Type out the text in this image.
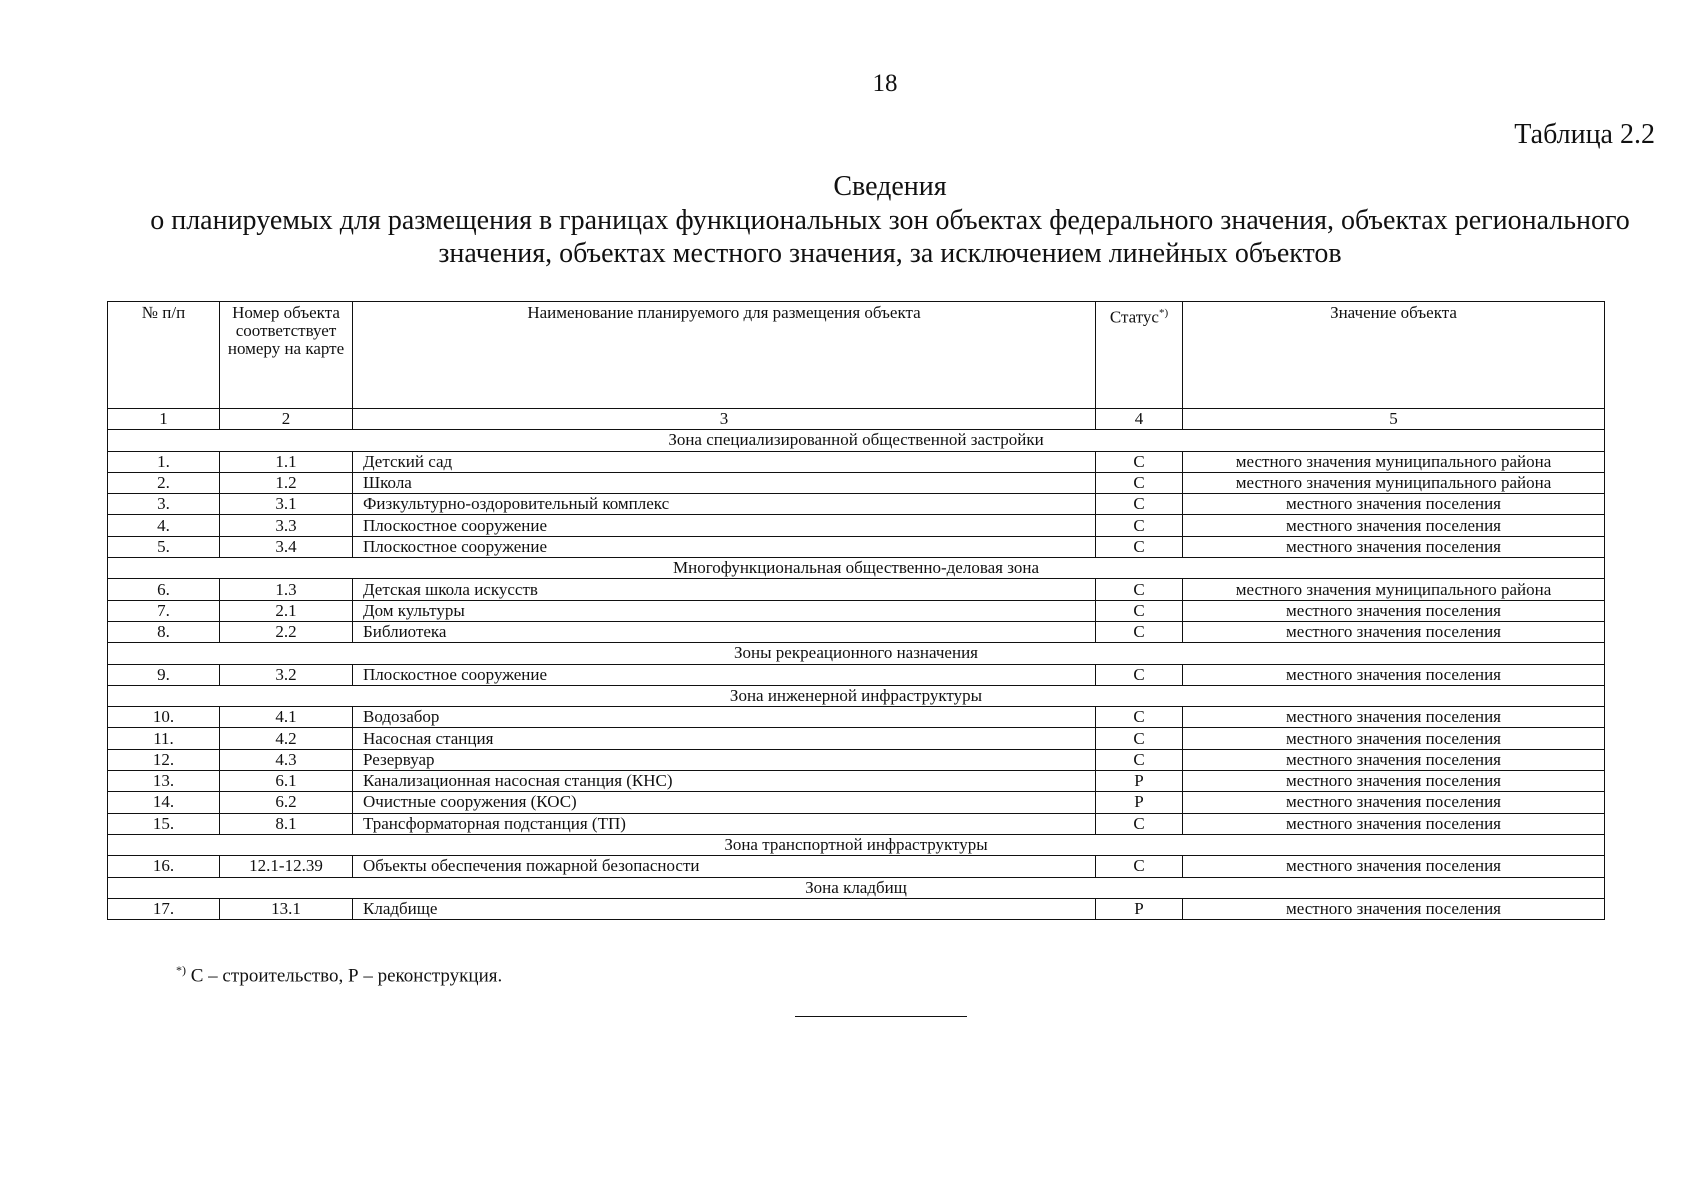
18
Таблица 2.2
Сведения
о планируемых для размещения в границах функциональных зон объектах федерального значения, объектах регионального значения, объектах местного значения, за исключением линейных объектов
№ п/п	Номер объекта соответствует номеру на карте	Наименование планируемого для размещения объекта	Статус*)	Значение объекта
1	2	3	4	5
Зона специализированной общественной застройки				
1.	1.1	Детский сад	С	местного значения муниципального района
2.	1.2	Школа	С	местного значения муниципального района
3.	3.1	Физкультурно-оздоровительный комплекс	С	местного значения поселения
4.	3.3	Плоскостное сооружение	С	местного значения поселения
5.	3.4	Плоскостное сооружение	С	местного значения поселения
Многофункциональная общественно-деловая зона				
6.	1.3	Детская школа искусств	С	местного значения муниципального района
7.	2.1	Дом культуры	С	местного значения поселения
8.	2.2	Библиотека	С	местного значения поселения
Зоны рекреационного назначения				
9.	3.2	Плоскостное сооружение	С	местного значения поселения
Зона инженерной инфраструктуры				
10.	4.1	Водозабор	С	местного значения поселения
11.	4.2	Насосная станция	С	местного значения поселения
12.	4.3	Резервуар	С	местного значения поселения
13.	6.1	Канализационная насосная станция (КНС)	Р	местного значения поселения
14.	6.2	Очистные сооружения (КОС)	Р	местного значения поселения
15.	8.1	Трансформаторная подстанция (ТП)	С	местного значения поселения
Зона транспортной инфраструктуры				
16.	12.1-12.39	Объекты обеспечения пожарной безопасности	С	местного значения поселения
Зона кладбищ				
17.	13.1	Кладбище	Р	местного значения поселения
*) С – строительство, Р – реконструкция.
